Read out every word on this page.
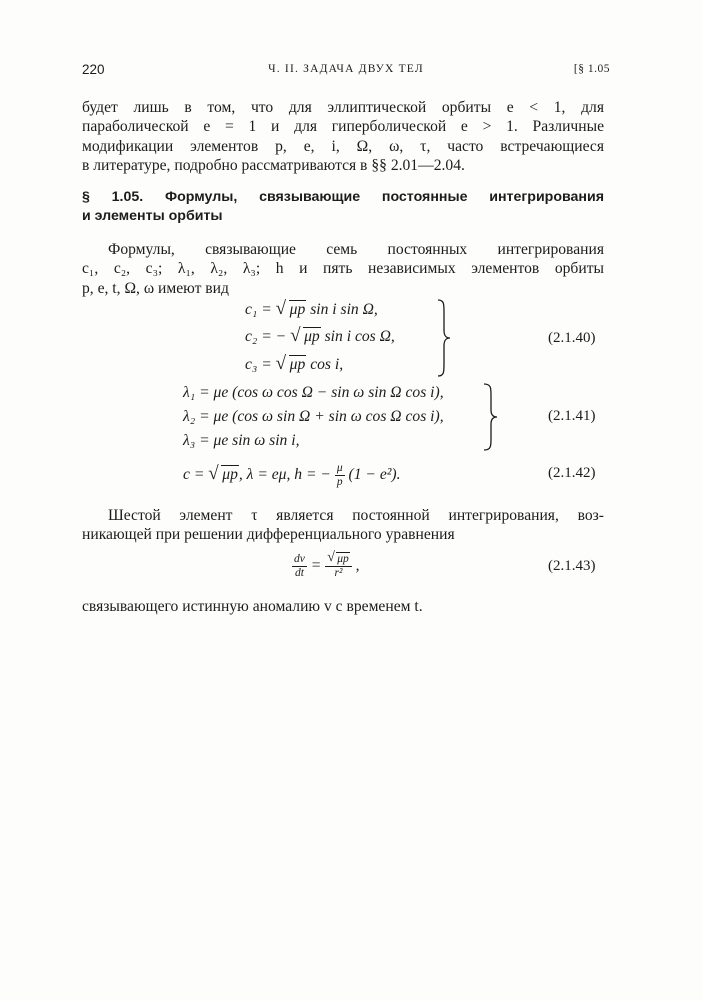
220	Ч. II. ЗАДАЧА ДВУХ ТЕЛ	[§ 1.05
будет лишь в том, что для эллиптической орбиты e < 1, для
параболической e = 1 и для гиперболической e > 1. Различные
модификации элементов p, e, i, Ω, ω, τ, часто встречающиеся
в литературе, подробно рассматриваются в §§ 2.01—2.04.
§ 1.05. Формулы, связывающие постоянные интегрирования
и элементы орбиты
Формулы, связывающие семь постоянных интегрирования
c₁, c₂, c₃; λ₁, λ₂, λ₃; h и пять независимых элементов орбиты
p, e, t, Ω, ω имеют вид
c₁ = √ μp sin i sin Ω,
c₂ = − √ μp sin i cos Ω,
c₃ = √ μp cos i,
(2.1.40)
λ₁ = μe (cos ω cos Ω − sin ω sin Ω cos i),
λ₂ = μe (cos ω sin Ω + sin ω cos Ω cos i),
λ₃ = μe sin ω sin i,
(2.1.41)
c = √ μp, λ = eμ, h = − $\frac{\mu}{p} (1 - e^2)$.	(2.1.42)
Шестой элемент τ является постоянной интегрирования, воз-
никающей при решении дифференциального уравнения
$\frac{dv}{dt} = \frac{√ \mu p}{\text{r²}}$ ,	(2.1.43)
связывающего истинную аномалию v с временем t.
